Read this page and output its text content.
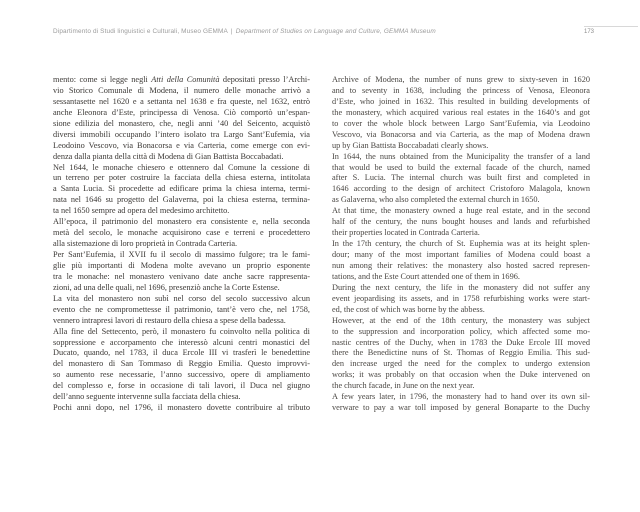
Dipartimento di Studi linguistici e Culturali, Museo GEMMA | Department of Studies on Language and Culture, GEMMA Museum	173
mento: come si legge negli Atti della Comunità depositati presso l’Archi-
vio Storico Comunale di Modena, il numero delle monache arrivò a
sessantasette nel 1620 e a settanta nel 1638 e fra queste, nel 1632, entrò
anche Eleonora d’Este, principessa di Venosa. Ciò comportò un’espan-
sione edilizia del monastero, che, negli anni ’40 del Seicento, acquistò
diversi immobili occupando l’intero isolato tra Largo Sant’Eufemia, via
Leodoino Vescovo, via Bonacorsa e via Carteria, come emerge con evi-
denza dalla pianta della città di Modena di Gian Battista Boccabadati.
Nel 1644, le monache chiesero e ottennero dal Comune la cessione di
un terreno per poter costruire la facciata della chiesa esterna, intitolata
a Santa Lucia. Si procedette ad edificare prima la chiesa interna, termi-
nata nel 1646 su progetto del Galaverna, poi la chiesa esterna, termina-
ta nel 1650 sempre ad opera del medesimo architetto.
All’epoca, il patrimonio del monastero era consistente e, nella seconda
metà del secolo, le monache acquisirono case e terreni e procedettero
alla sistemazione di loro proprietà in Contrada Carteria.
Per Sant’Eufemia, il XVII fu il secolo di massimo fulgore; tra le fami-
glie più importanti di Modena molte avevano un proprio esponente
tra le monache: nel monastero venivano date anche sacre rappresenta-
zioni, ad una delle quali, nel 1696, presenziò anche la Corte Estense.
La vita del monastero non subì nel corso del secolo successivo alcun
evento che ne compromettesse il patrimonio, tant’è vero che, nel 1758,
vennero intrapresi lavori di restauro della chiesa a spese della badessa.
Alla fine del Settecento, però, il monastero fu coinvolto nella politica di
soppressione e accorpamento che interessò alcuni centri monastici del
Ducato, quando, nel 1783, il duca Ercole III vi trasferì le benedettine
del monastero di San Tommaso di Reggio Emilia. Questo improvvi-
so aumento rese necessarie, l’anno successivo, opere di ampliamento
del complesso e, forse in occasione di tali lavori, il Duca nel giugno
dell’anno seguente intervenne sulla facciata della chiesa.
Pochi anni dopo, nel 1796, il monastero dovette contribuire al tributo
Archive of Modena, the number of nuns grew to sixty-seven in 1620
and to seventy in 1638, including the princess of Venosa, Eleonora
d’Este, who joined in 1632. This resulted in building developments of
the monastery, which acquired various real estates in the 1640’s and got
to cover the whole block between Largo Sant’Eufemia, via Leodoino
Vescovo, via Bonacorsa and via Carteria, as the map of Modena drawn
up by Gian Battista Boccabadati clearly shows.
In 1644, the nuns obtained from the Municipality the transfer of a land
that would be used to build the external facade of the church, named
after S. Lucia. The internal church was built first and completed in
1646 according to the design of architect Cristoforo Malagola, known
as Galaverna, who also completed the external church in 1650.
At that time, the monastery owned a huge real estate, and in the second
half of the century, the nuns bought houses and lands and refurbished
their properties located in Contrada Carteria.
In the 17th century, the church of St. Euphemia was at its height splen-
dour; many of the most important families of Modena could boast a
nun among their relatives: the monastery also hosted sacred represen-
tations, and the Este Court attended one of them in 1696.
During the next century, the life in the monastery did not suffer any
event jeopardising its assets, and in 1758 refurbishing works were start-
ed, the cost of which was borne by the abbess.
However, at the end of the 18th century, the monastery was subject
to the suppression and incorporation policy, which affected some mo-
nastic centres of the Duchy, when in 1783 the Duke Ercole III moved
there the Benedictine nuns of St. Thomas of Reggio Emilia. This sud-
den increase urged the need for the complex to undergo extension
works; it was probably on that occasion when the Duke intervened on
the church facade, in June on the next year.
A few years later, in 1796, the monastery had to hand over its own sil-
verware to pay a war toll imposed by general Bonaparte to the Duchy
